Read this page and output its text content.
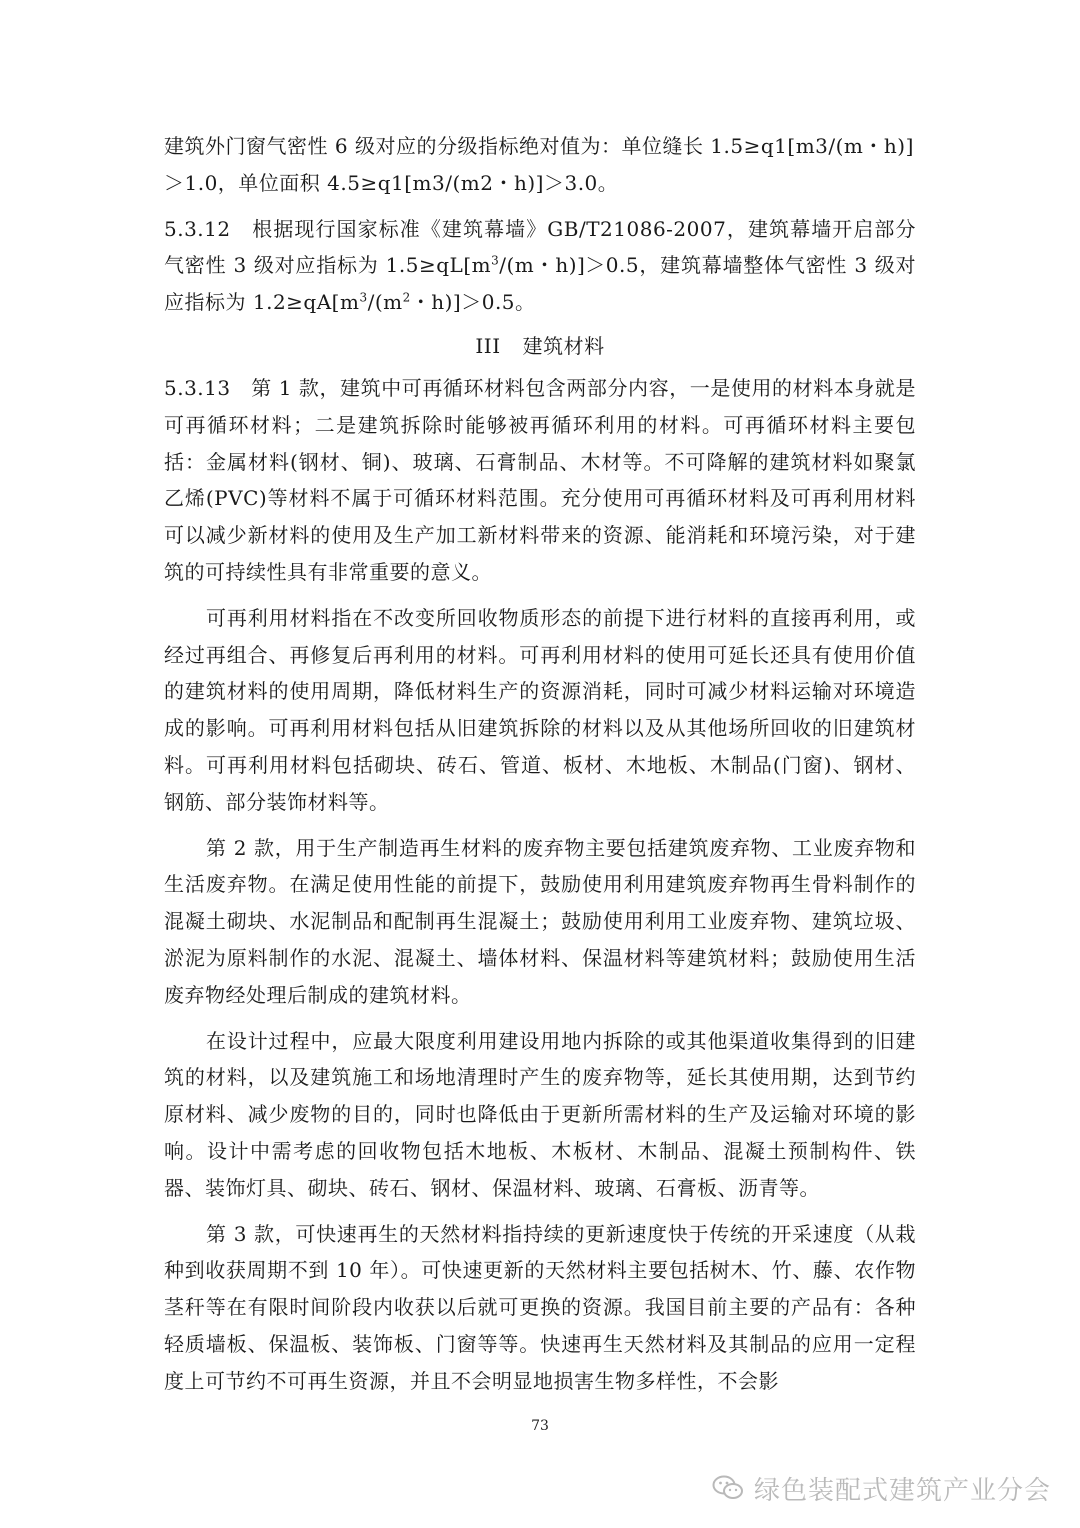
建筑外门窗气密性 6 级对应的分级指标绝对值为：单位缝长 1.5≥q1[m3/(m・h)]
＞1.0，单位面积 4.5≥q1[m3/(m2・h)]＞3.0。

5.3.12　根据现行国家标准《建筑幕墙》GB/T21086-2007，建筑幕墙开启部分气密性 3 级对应指标为 $1.5\ge qL[m^3/(m$・h)]＞0.5，建筑幕墙整体气密性 3 级对应指标为 $1.2\ge qA[m^3/(m^2$・h)]＞0.5。

III 建筑材料

5.3.13　第 1 款，建筑中可再循环材料包含两部分内容，一是使用的材料本身就是可再循环材料；二是建筑拆除时能够被再循环利用的材料。可再循环材料主要包括：金属材料(钢材、铜)、玻璃、石膏制品、木材等。不可降解的建筑材料如聚氯乙烯(PVC)等材料不属于可循环材料范围。充分使用可再循环材料及可再利用材料可以减少新材料的使用及生产加工新材料带来的资源、能消耗和环境污染，对于建筑的可持续性具有非常重要的意义。

可再利用材料指在不改变所回收物质形态的前提下进行材料的直接再利用，或经过再组合、再修复后再利用的材料。可再利用材料的使用可延长还具有使用价值的建筑材料的使用周期，降低材料生产的资源消耗，同时可减少材料运输对环境造成的影响。可再利用材料包括从旧建筑拆除的材料以及从其他场所回收的旧建筑材料。可再利用材料包括砌块、砖石、管道、板材、木地板、木制品(门窗)、钢材、钢筋、部分装饰材料等。

第 2 款，用于生产制造再生材料的废弃物主要包括建筑废弃物、工业废弃物和生活废弃物。在满足使用性能的前提下，鼓励使用利用建筑废弃物再生骨料制作的混凝土砌块、水泥制品和配制再生混凝土；鼓励使用利用工业废弃物、建筑垃圾、淤泥为原料制作的水泥、混凝土、墙体材料、保温材料等建筑材料；鼓励使用生活废弃物经处理后制成的建筑材料。

在设计过程中，应最大限度利用建设用地内拆除的或其他渠道收集得到的旧建筑的材料，以及建筑施工和场地清理时产生的废弃物等，延长其使用期，达到节约原材料、减少废物的目的，同时也降低由于更新所需材料的生产及运输对环境的影响。设计中需考虑的回收物包括木地板、木板材、木制品、混凝土预制构件、铁器、装饰灯具、砌块、砖石、钢材、保温材料、玻璃、石膏板、沥青等。

第 3 款，可快速再生的天然材料指持续的更新速度快于传统的开采速度（从栽种到收获周期不到 10 年）。可快速更新的天然材料主要包括树木、竹、藤、农作物茎秆等在有限时间阶段内收获以后就可更换的资源。我国目前主要的产品有：各种轻质墙板、保温板、装饰板、门窗等等。快速再生天然材料及其制品的应用一定程度上可节约不可再生资源，并且不会明显地损害生物多样性，不会影

73
绿色装配式建筑产业分会
